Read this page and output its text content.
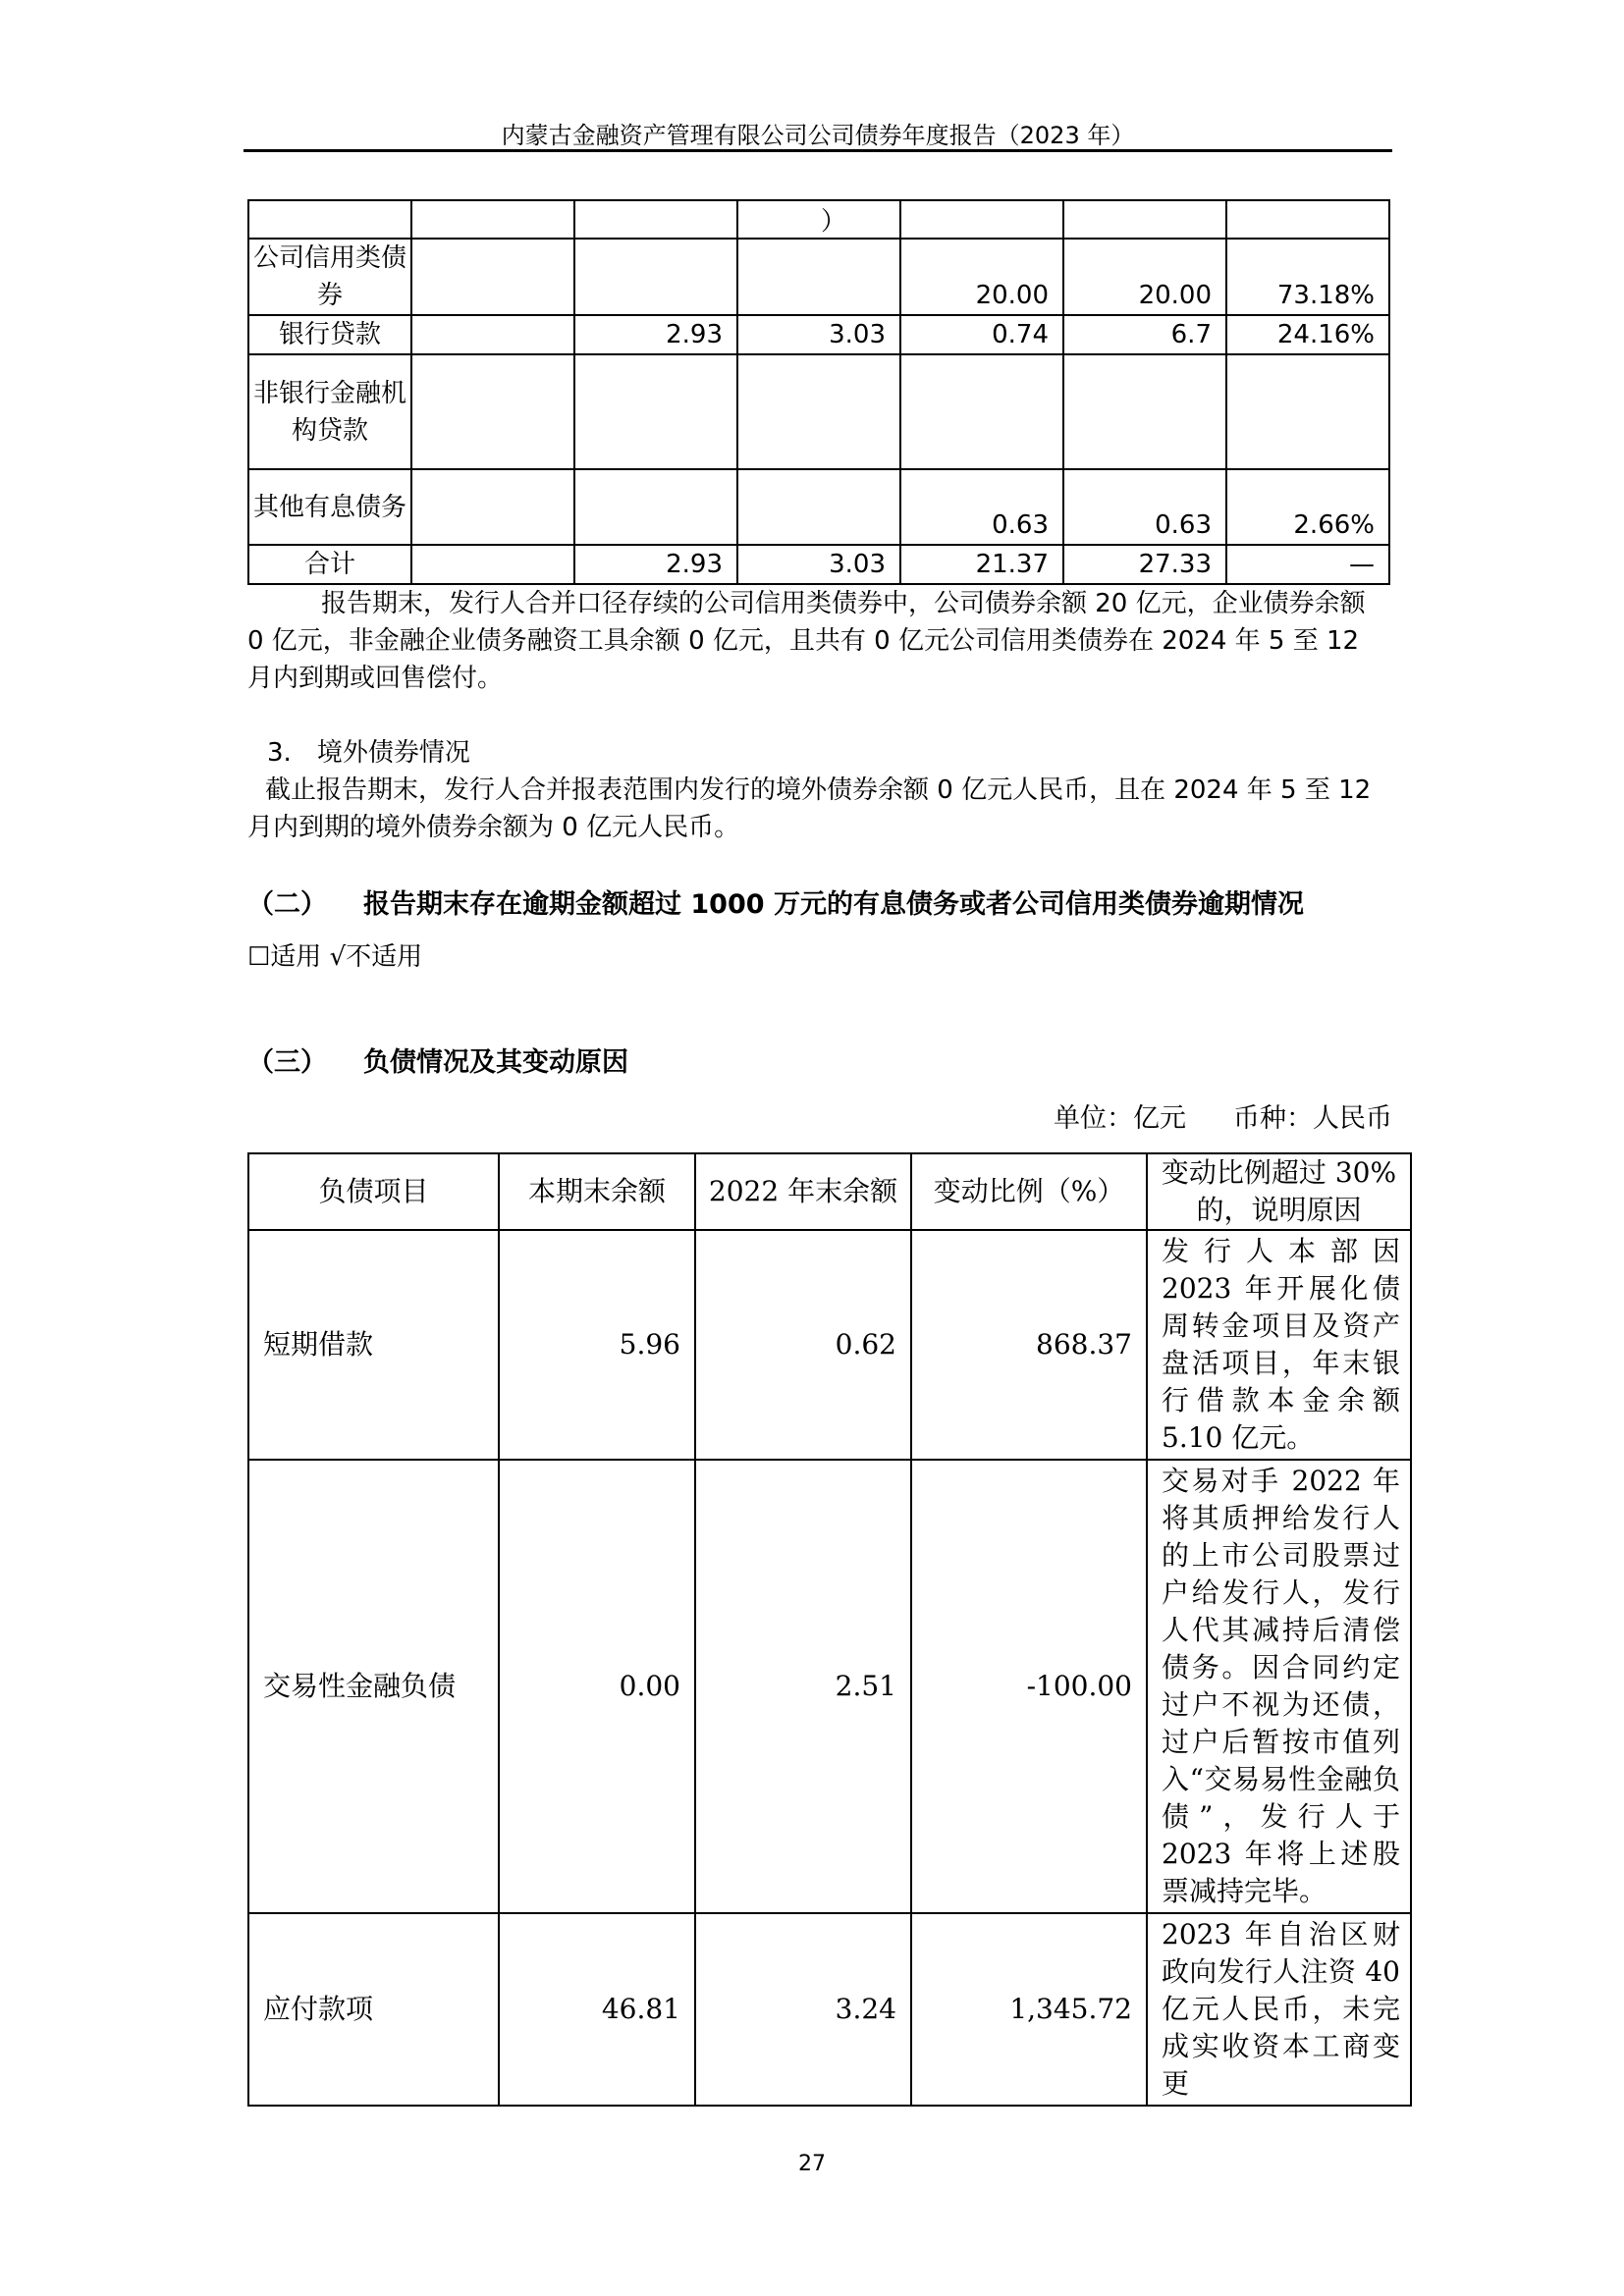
内蒙古金融资产管理有限公司公司债券年度报告（2023 年）
			）			
公司信用类债券				20.00	20.00	73.18%
银行贷款		2.93	3.03	0.74	6.7	24.16%
非银行金融机构贷款						
其他有息债务				0.63	0.63	2.66%
合计		2.93	3.03	21.37	27.33	—
报告期末，发行人合并口径存续的公司信用类债券中，公司债券余额 20 亿元，企业债券余额 0 亿元，非金融企业债务融资工具余额 0 亿元，且共有 0 亿元公司信用类债券在 2024 年 5 至 12 月内到期或回售偿付。
3. 境外债券情况
截止报告期末，发行人合并报表范围内发行的境外债券余额 0 亿元人民币，且在 2024 年 5 至 12 月内到期的境外债券余额为 0 亿元人民币。
（二） 报告期末存在逾期金额超过 1000 万元的有息债务或者公司信用类债券逾期情况
☐适用 √不适用
（三） 负债情况及其变动原因
单位：亿元 币种：人民币
负债项目	本期末余额	2022 年末余额	变动比例（%）	变动比例超过 30%的，说明原因
短期借款	5.96	0.62	868.37	发行人本部因 2023 年开展化债周转金项目及资产盘活项目，年末银行借款本金余额 5.10 亿元。
交易性金融负债	0.00	2.51	-100.00	交易对手 2022 年将其质押给发行人的上市公司股票过户给发行人，发行人代其减持后清偿债务。因合同约定过户不视为还债，过户后暂按市值列入“交易易性金融负债”，发行人于 2023 年将上述股票减持完毕。
应付款项	46.81	3.24	1,345.72	2023 年自治区财政向发行人注资 40 亿元人民币，未完成实收资本工商变更
27
